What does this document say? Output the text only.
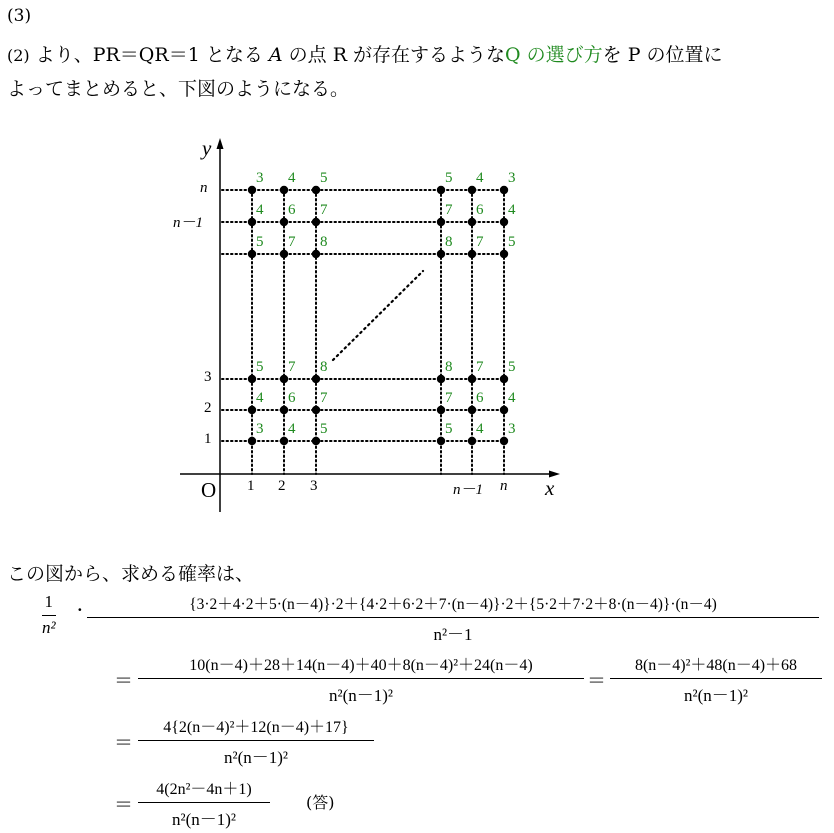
(3)
(2) より、PR＝QR＝1 となる A の点 R が存在するようなQ の選び方を P の位置に
よってまとめると、下図のようになる。
y
x
O
n
n－1
3
2
1
1 2 3	n－1 n
3 4 5	5 4 3
4 6 7	7 6 4
5 7 8	8 7 5
5 7 8	8 7 5
4 6 7	7 6 4
3 4 5	5 4 3
この図から、求める確率は、
1
n²
·	{3·2＋4·2＋5·(n－4)}·2＋{4·2＋6·2＋7·(n－4)}·2＋{5·2＋7·2＋8·(n－4)}·(n－4)
n²－1
＝
10(n－4)＋28＋14(n－4)＋40＋8(n－4)²＋24(n－4)
n²(n－1)²
＝
8(n－4)²＋48(n－4)＋68
n²(n－1)²
＝
4{2(n－4)²＋12(n－4)＋17}
n²(n－1)²
＝
4(2n²－4n＋1)
n²(n－1)²
(答)
